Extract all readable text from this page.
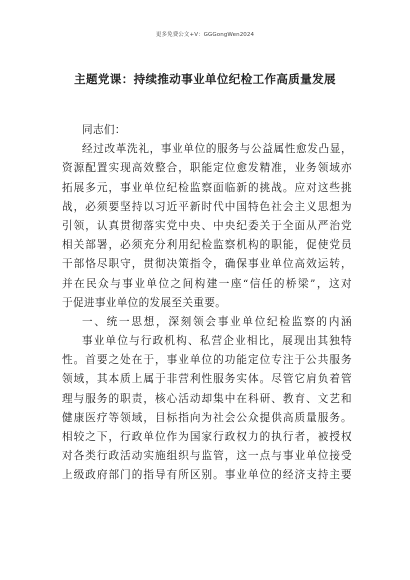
更多免费公文+V：GGGongWen2024
主题党课：持续推动事业单位纪检工作高质量发展
同志们：
经过改革洗礼，事业单位的服务与公益属性愈发凸显，
资源配置实现高效整合，职能定位愈发精准，业务领域亦
拓展多元，事业单位纪检监察面临新的挑战。应对这些挑
战，必须要坚持以习近平新时代中国特色社会主义思想为
引领，认真贯彻落实党中央、中央纪委关于全面从严治党
相关部署，必须充分利用纪检监察机构的职能，促使党员
干部恪尽职守，贯彻决策指令，确保事业单位高效运转，
并在民众与事业单位之间构建一座“信任的桥梁”，这对
于促进事业单位的发展至关重要。
一、统一思想，深刻领会事业单位纪检监察的内涵
事业单位与行政机构、私营企业相比，展现出其独特
性。首要之处在于，事业单位的功能定位专注于公共服务
领域，其本质上属于非营利性服务实体。尽管它肩负着管
理与服务的职责，核心活动却集中在科研、教育、文艺和
健康医疗等领域，目标指向为社会公众提供高质量服务。
相较之下，行政单位作为国家行政权力的执行者，被授权
对各类行政活动实施组织与监管，这一点与事业单位接受
上级政府部门的指导有所区别。事业单位的经济支持主要
